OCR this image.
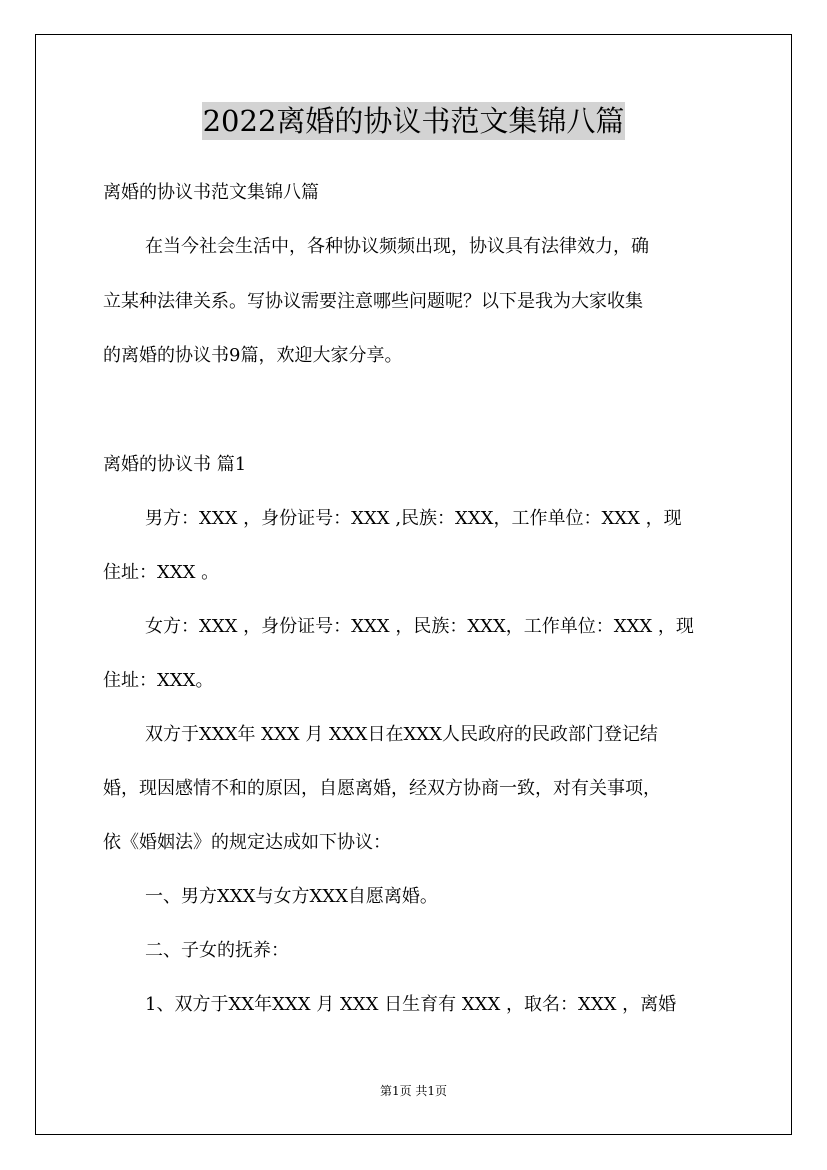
2022离婚的协议书范文集锦八篇
离婚的协议书范文集锦八篇
在当今社会生活中，各种协议频频出现，协议具有法律效力，确
立某种法律关系。写协议需要注意哪些问题呢？以下是我为大家收集
的离婚的协议书9篇，欢迎大家分享。
离婚的协议书 篇1
男方：XXX ，身份证号：XXX ,民族：XXX，工作单位：XXX ，现
住址：XXX 。
女方：XXX ，身份证号：XXX ，民族：XXX，工作单位：XXX ，现
住址：XXX。
双方于XXX年 XXX 月 XXX日在XXX人民政府的民政部门登记结
婚，现因感情不和的原因，自愿离婚，经双方协商一致，对有关事项，
依《婚姻法》的规定达成如下协议：
一、男方XXX与女方XXX自愿离婚。
二、子女的抚养：
1、双方于XX年XXX 月 XXX 日生育有 XXX ，取名：XXX ，离婚
第1页 共1页
